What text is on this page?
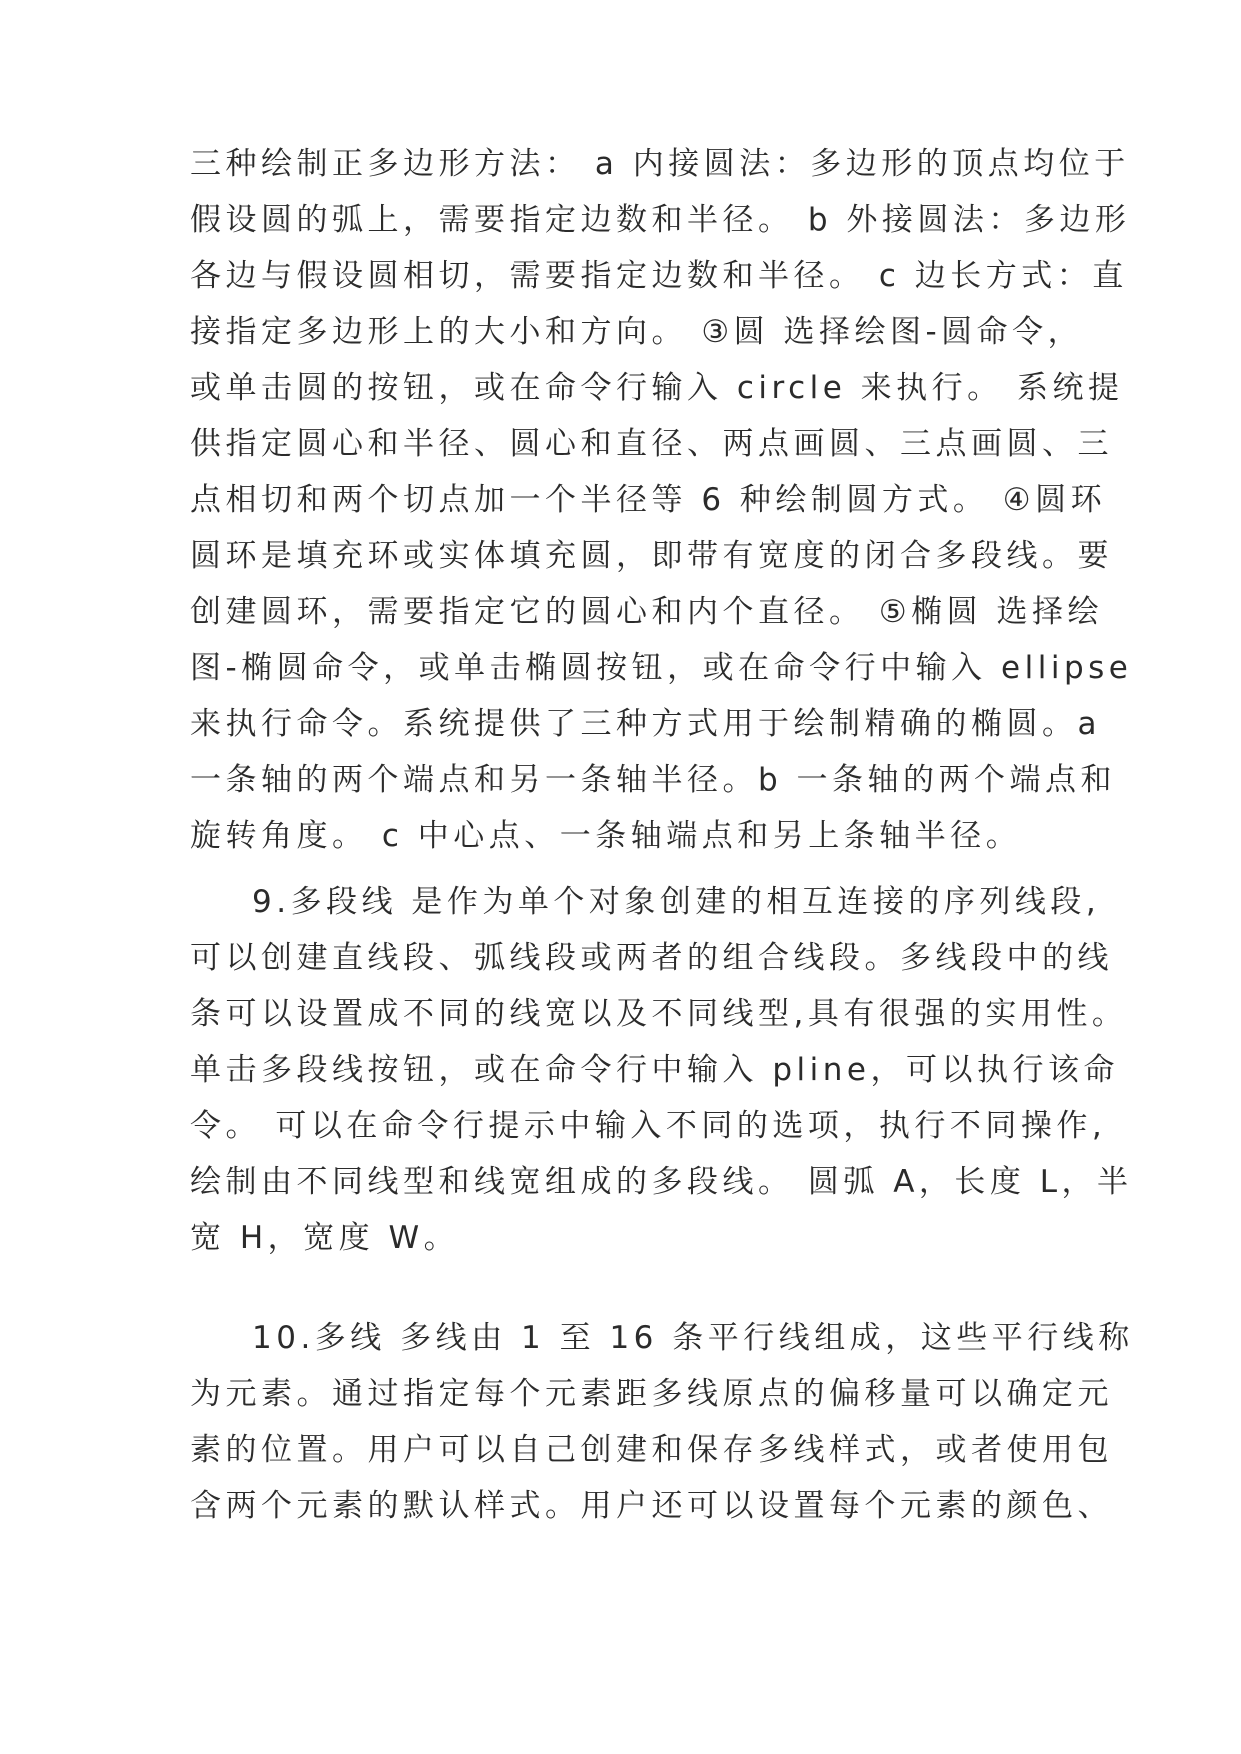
三种绘制正多边形方法： a 内接圆法：多边形的顶点均位于
假设圆的弧上，需要指定边数和半径。 b 外接圆法：多边形
各边与假设圆相切，需要指定边数和半径。 c 边长方式：直
接指定多边形上的大小和方向。 ③圆 选择绘图-圆命令，
或单击圆的按钮，或在命令行输入 circle 来执行。 系统提
供指定圆心和半径、圆心和直径、两点画圆、三点画圆、三
点相切和两个切点加一个半径等 6 种绘制圆方式。 ④圆环
圆环是填充环或实体填充圆，即带有宽度的闭合多段线。要
创建圆环，需要指定它的圆心和内个直径。 ⑤椭圆 选择绘
图-椭圆命令，或单击椭圆按钮，或在命令行中输入 ellipse
来执行命令。系统提供了三种方式用于绘制精确的椭圆。a
一条轴的两个端点和另一条轴半径。b 一条轴的两个端点和
旋转角度。 c 中心点、一条轴端点和另上条轴半径。
9.多段线 是作为单个对象创建的相互连接的序列线段,
可以创建直线段、弧线段或两者的组合线段。多线段中的线
条可以设置成不同的线宽以及不同线型,具有很强的实用性。
单击多段线按钮，或在命令行中输入 pline，可以执行该命
令。 可以在命令行提示中输入不同的选项，执行不同操作,
绘制由不同线型和线宽组成的多段线。 圆弧 A，长度 L，半
宽 H，宽度 W。
10.多线 多线由 1 至 16 条平行线组成，这些平行线称
为元素。通过指定每个元素距多线原点的偏移量可以确定元
素的位置。用户可以自己创建和保存多线样式，或者使用包
含两个元素的默认样式。用户还可以设置每个元素的颜色、
